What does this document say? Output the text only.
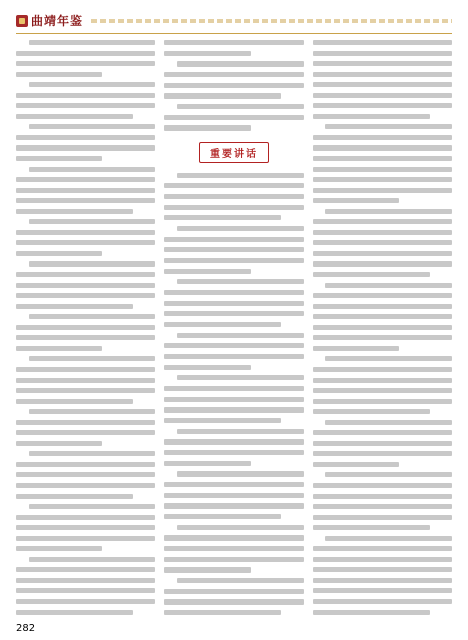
曲靖年鉴
重要讲话
282
